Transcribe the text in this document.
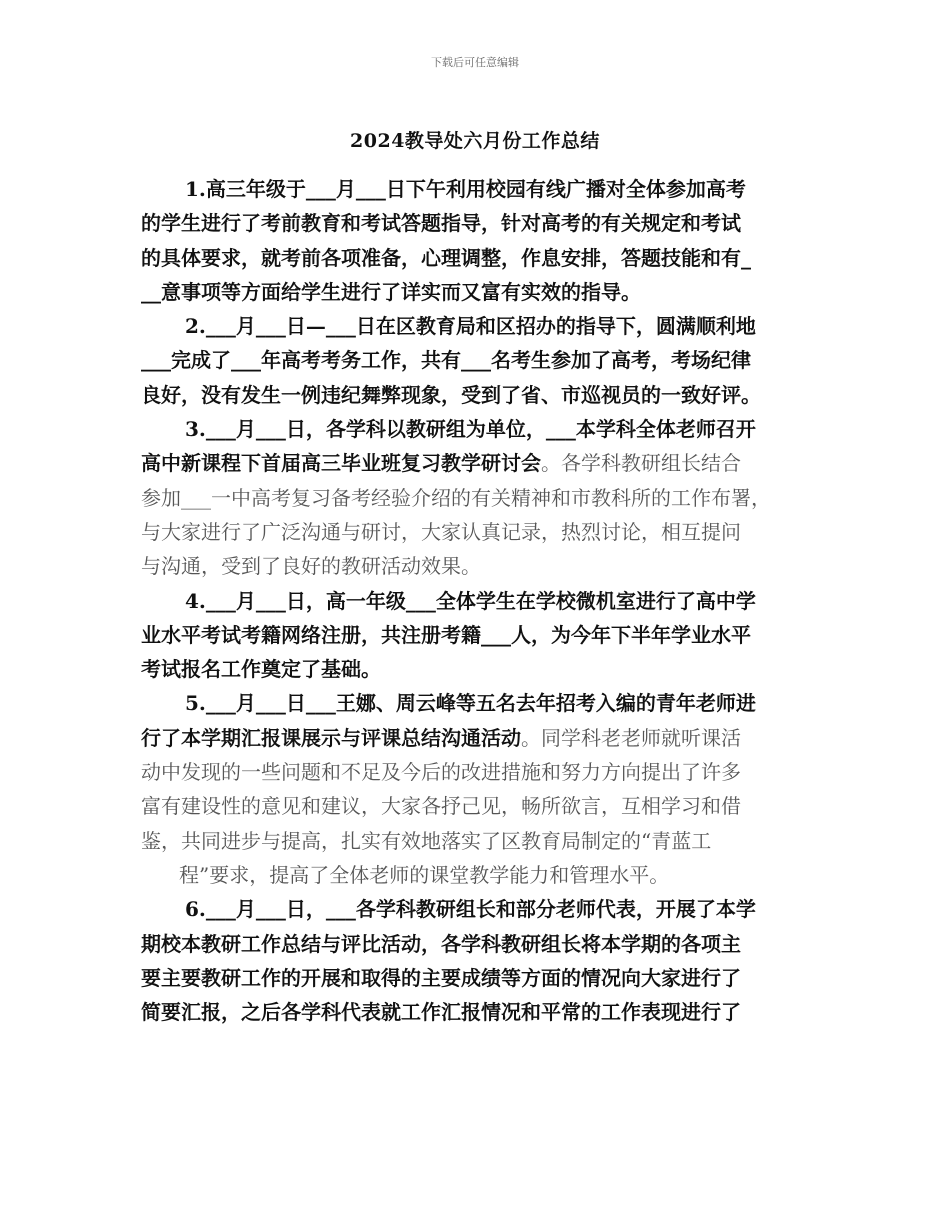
下载后可任意编辑
2024教导处六月份工作总结
1.高三年级于___月___日下午利用校园有线广播对全体参加高考
的学生进行了考前教育和考试答题指导，针对高考的有关规定和考试
的具体要求，就考前各项准备，心理调整，作息安排，答题技能和有_
__意事项等方面给学生进行了详实而又富有实效的指导。
2.___月___日—___日在区教育局和区招办的指导下，圆满顺利地
___完成了___年高考考务工作，共有___名考生参加了高考，考场纪律
良好，没有发生一例违纪舞弊现象，受到了省、市巡视员的一致好评。
3.___月___日，各学科以教研组为单位，___本学科全体老师召开
高中新课程下首届高三毕业班复习教学研讨会。各学科教研组长结合
参加___一中高考复习备考经验介绍的有关精神和市教科所的工作布署，
与大家进行了广泛沟通与研讨，大家认真记录，热烈讨论，相互提问
与沟通，受到了良好的教研活动效果。
4.___月___日，高一年级___全体学生在学校微机室进行了高中学
业水平考试考籍网络注册，共注册考籍___人，为今年下半年学业水平
考试报名工作奠定了基础。
5.___月___日___王娜、周云峰等五名去年招考入编的青年老师进
行了本学期汇报课展示与评课总结沟通活动。同学科老老师就听课活
动中发现的一些问题和不足及今后的改进措施和努力方向提出了许多
富有建设性的意见和建议，大家各抒己见，畅所欲言，互相学习和借
鉴，共同进步与提高，扎实有效地落实了区教育局制定的“青蓝工
程”要求，提高了全体老师的课堂教学能力和管理水平。
6.___月___日，___各学科教研组长和部分老师代表，开展了本学
期校本教研工作总结与评比活动，各学科教研组长将本学期的各项主
要主要教研工作的开展和取得的主要成绩等方面的情况向大家进行了
简要汇报，之后各学科代表就工作汇报情况和平常的工作表现进行了
